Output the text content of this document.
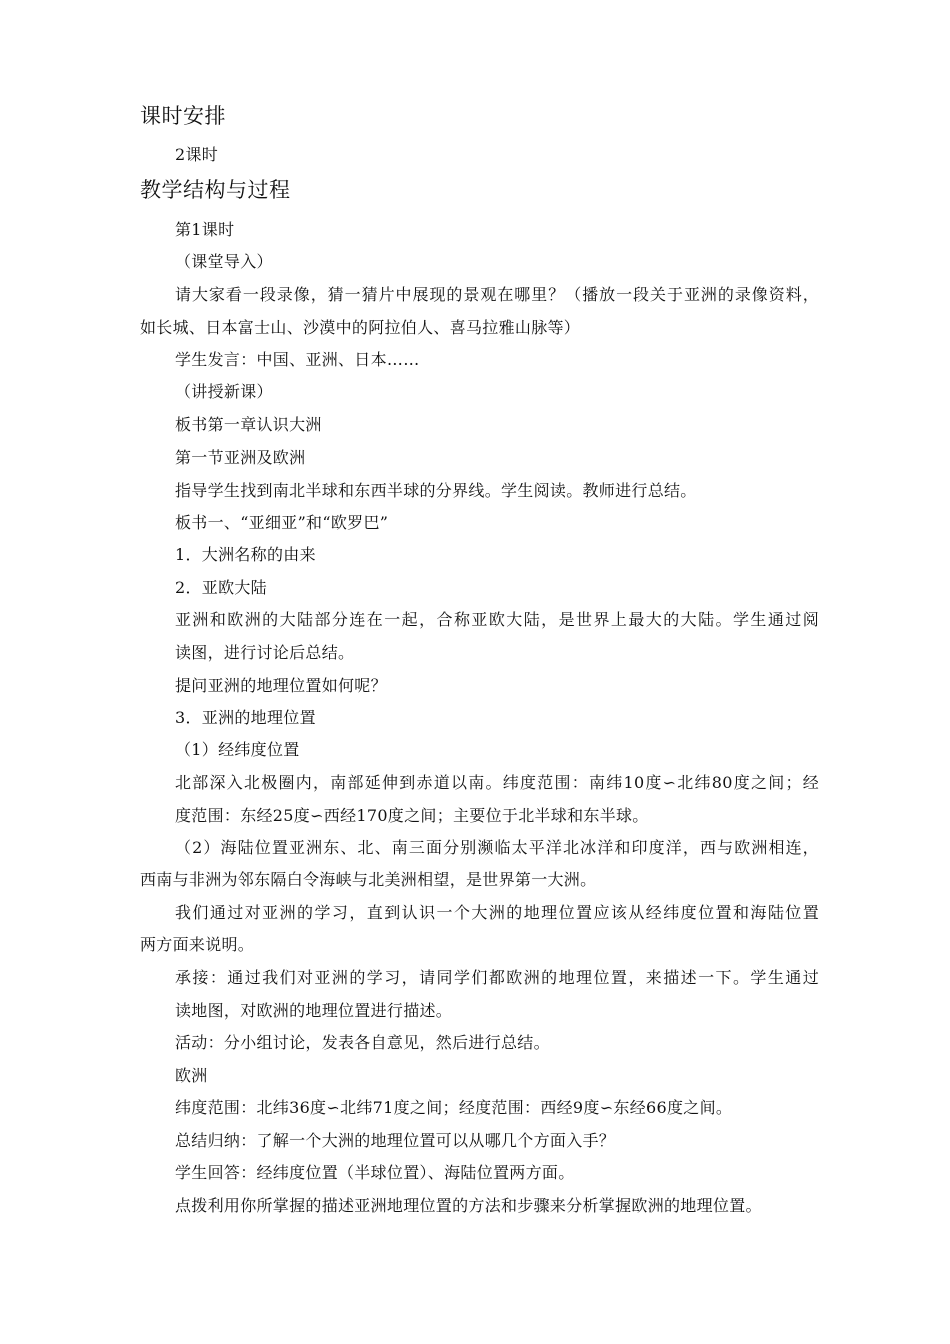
课时安排

2课时

教学结构与过程

第1课时

（课堂导入）

请大家看一段录像，猜一猜片中展现的景观在哪里？（播放一段关于亚洲的录像资料，

如长城、日本富士山、沙漠中的阿拉伯人、喜马拉雅山脉等）

学生发言：中国、亚洲、日本……

（讲授新课）

板书第一章认识大洲

第一节亚洲及欧洲

指导学生找到南北半球和东西半球的分界线。学生阅读。教师进行总结。

板书一、“亚细亚”和“欧罗巴”

1．大洲名称的由来

2．亚欧大陆

亚洲和欧洲的大陆部分连在一起，合称亚欧大陆，是世界上最大的大陆。学生通过阅

读图，进行讨论后总结。

提问亚洲的地理位置如何呢？

3．亚洲的地理位置

（1）经纬度位置

北部深入北极圈内，南部延伸到赤道以南。纬度范围：南纬10度∽北纬80度之间；经

度范围：东经25度∽西经170度之间；主要位于北半球和东半球。

（2）海陆位置亚洲东、北、南三面分别濒临太平洋北冰洋和印度洋，西与欧洲相连，

西南与非洲为邻东隔白令海峡与北美洲相望，是世界第一大洲。

我们通过对亚洲的学习，直到认识一个大洲的地理位置应该从经纬度位置和海陆位置

两方面来说明。

承接：通过我们对亚洲的学习，请同学们都欧洲的地理位置，来描述一下。学生通过

读地图，对欧洲的地理位置进行描述。

活动：分小组讨论，发表各自意见，然后进行总结。

欧洲

纬度范围：北纬36度∽北纬71度之间；经度范围：西经9度∽东经66度之间。

总结归纳：了解一个大洲的地理位置可以从哪几个方面入手？

学生回答：经纬度位置（半球位置）、海陆位置两方面。

点拨利用你所掌握的描述亚洲地理位置的方法和步骤来分析掌握欧洲的地理位置。
